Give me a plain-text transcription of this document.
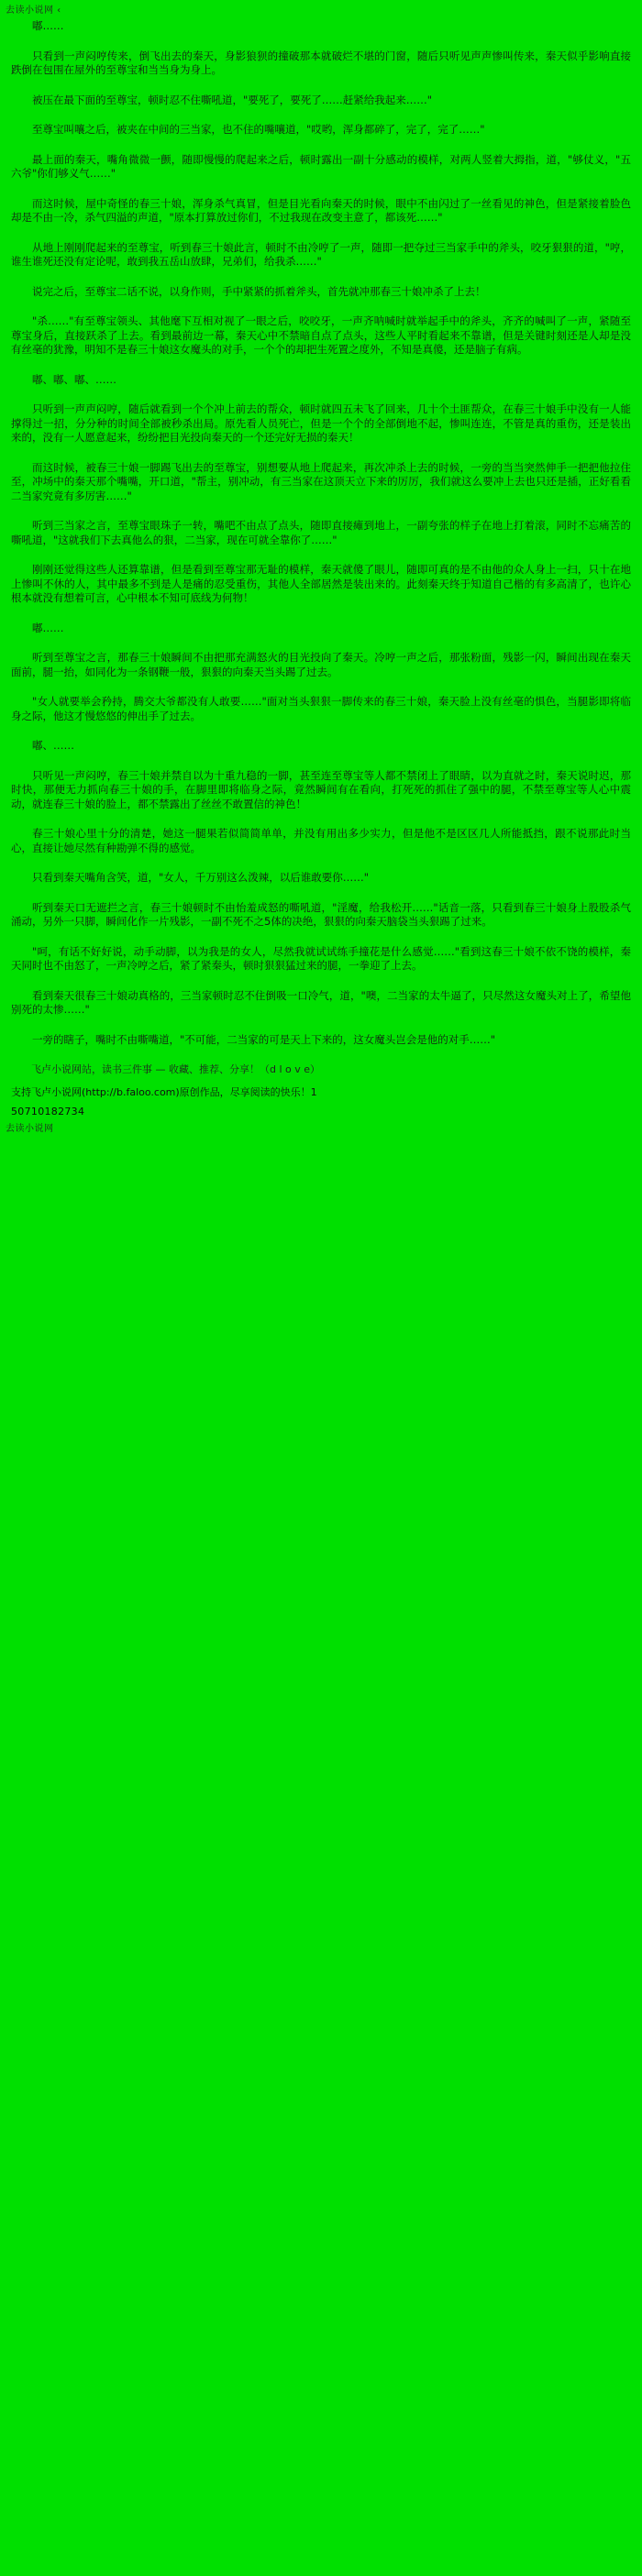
去读小说网 ‹

嘟……

只看到一声闷哼传来，倒飞出去的秦天，身影狼狈的撞破那本就破烂不堪的门窗，随后只听见声声惨叫传来，秦天似乎影响直接跌倒在包围在屋外的至尊宝和当当身为身上。

被压在最下面的至尊宝，顿时忍不住嘶吼道，"要死了，要死了……赶紧给我起来……"

至尊宝叫嚷之后，被夹在中间的三当家，也不住的嘴嚷道，"哎哟，浑身都碎了，完了，完了……"

最上面的秦天，嘴角微微一颤，随即慢慢的爬起来之后，顿时露出一副十分感动的模样，对两人竖着大拇指，道，"够仗义，"五六爷"你们够义气……"

而这时候，屋中奇怪的春三十娘，浑身杀气真冒，但是目光看向秦天的时候，眼中不由闪过了一丝看见的神色，但是紧接着脸色却是不由一冷，杀气四溢的声道，"原本打算放过你们，不过我现在改变主意了，都该死……"

从地上刚刚爬起来的至尊宝，听到春三十娘此言，顿时不由冷哼了一声，随即一把夺过三当家手中的斧头，咬牙狠狠的道，"哼，谁生谁死还没有定论呢，敢到我五岳山放肆，兄弟们，给我杀……"

说完之后，至尊宝二话不说，以身作则，手中紧紧的抓着斧头，首先就冲那春三十娘冲杀了上去！

"杀……"有至尊宝领头、其他麾下互相对视了一眼之后，咬咬牙，一声齐呐喊时就举起手中的斧头，齐齐的喊叫了一声，紧随至尊宝身后，直接跃杀了上去。看到最前边一幕，秦天心中不禁暗自点了点头，这些人平时看起来不靠谱，但是关键时刻还是人却是没有丝毫的犹豫，明知不是春三十娘这女魔头的对手，一个个的却把生死置之度外，不知是真傻，还是脑子有病。

嘟、嘟、嘟、……

只听到一声声闷哼，随后就看到一个个冲上前去的帮众，顿时就四五未飞了回来，几十个土匪帮众，在春三十娘手中没有一人能撑得过一招，分分种的时间全部被秒杀出局。原先看人员死亡，但是一个个的全部倒地不起，惨叫连连，不管是真的重伤，还是装出来的，没有一人愿意起来，纷纷把目光投向秦天的一个还完好无损的秦天！

而这时候，被春三十娘一脚踢飞出去的至尊宝，别想要从地上爬起来，再次冲杀上去的时候，一旁的当当突然伸手一把把他拉住至，冲场中的秦天那个嘴嘴，开口道，"帮主，别冲动，有三当家在这顶天立下来的厉厉，我们就这么要冲上去也只还是插，正好看看二当家究竟有多厉害……"

听到三当家之言，至尊宝眼珠子一转，嘴吧不由点了点头，随即直接瘫到地上，一副夸张的样子在地上打着滚，同时不忘痛苦的嘶吼道，"这就我们下去真他么的狠，二当家，现在可就全靠你了……"

刚刚还觉得这些人还算靠谱，但是看到至尊宝那无耻的模样，秦天就傻了眼儿，随即可真的是不由他的众人身上一扫，只十在地上惨叫不休的人，其中最多不到是人是痛的忍受重伤，其他人全部居然是装出来的。此刻秦天终于知道自己楷的有多高清了，也许心根本就没有想着可言，心中根本不知可底线为何物！

嘟……

听到至尊宝之言，那春三十娘瞬间不由把那充满怒火的目光投向了秦天。冷哼一声之后，那张粉面，残影一闪，瞬间出现在秦天面前，腿一抬，如同化为一条钢鞭一般，狠狠的向秦天当头踢了过去。

"女人就要举会矜持，腾交大爷都没有人敢要……"面对当头狠狠一脚传来的春三十娘，秦天脸上没有丝毫的惧色，当腿影即将临身之际，他这才慢悠悠的伸出手了过去。

嘟、……

只听见一声闷哼，春三十娘并禁自以为十重九稳的一脚，甚至连至尊宝等人都不禁闭上了眼睛，以为直就之时，秦天说时迟，那时快，那便无力抓向春三十娘的手，在脚里即将临身之际，竟然瞬间有在看向，打死死的抓住了强中的腿，不禁至尊宝等人心中震动，就连春三十娘的脸上，都不禁露出了丝丝不敢置信的神色！

春三十娘心里十分的清楚，她这一腿果若似简简单单，并没有用出多少实力，但是他不是区区几人所能抵挡，跟不说那此时当心，直接让她尽然有种勘弹不得的感觉。

只看到秦天嘴角含笑，道，"女人，千万别这么泼辣，以后谁敢要你……"

听到秦天口无遮拦之言，春三十娘顿时不由怡羞成怒的嘶吼道，"淫魔，给我松开……"话音一落，只看到春三十娘身上股股杀气涌动，另外一只脚，瞬间化作一片残影，一副不死不之5体的决绝，狠狠的向秦天脑袋当头狠踢了过来。

"呵，有话不好好说，动手动脚，以为我是的女人，尽然我就试试练手撞花是什么感觉……"看到这春三十娘不依不饶的模样，秦天同时也不由怒了，一声冷哼之后，紧了紧秦头，顿时狠狠猛过来的腿，一拳迎了上去。

看到秦天很春三十娘动真格的，三当家顿时忍不住倒吸一口冷气，道，"噢，二当家的太牛逼了，只尽然这女魔头对上了，希望他别死的太惨……"

一旁的瞎子，嘴时不由嘶嘴道，"不可能，二当家的可是天上下来的，这女魔头岂会是他的对手……"

飞卢小说网站，读书三件事 — 收藏、推荐、分享！（d l o v e）

支持飞卢小说网(http://b.faloo.com)原创作品，尽享阅读的快乐！1

50710182734
去读小说网
